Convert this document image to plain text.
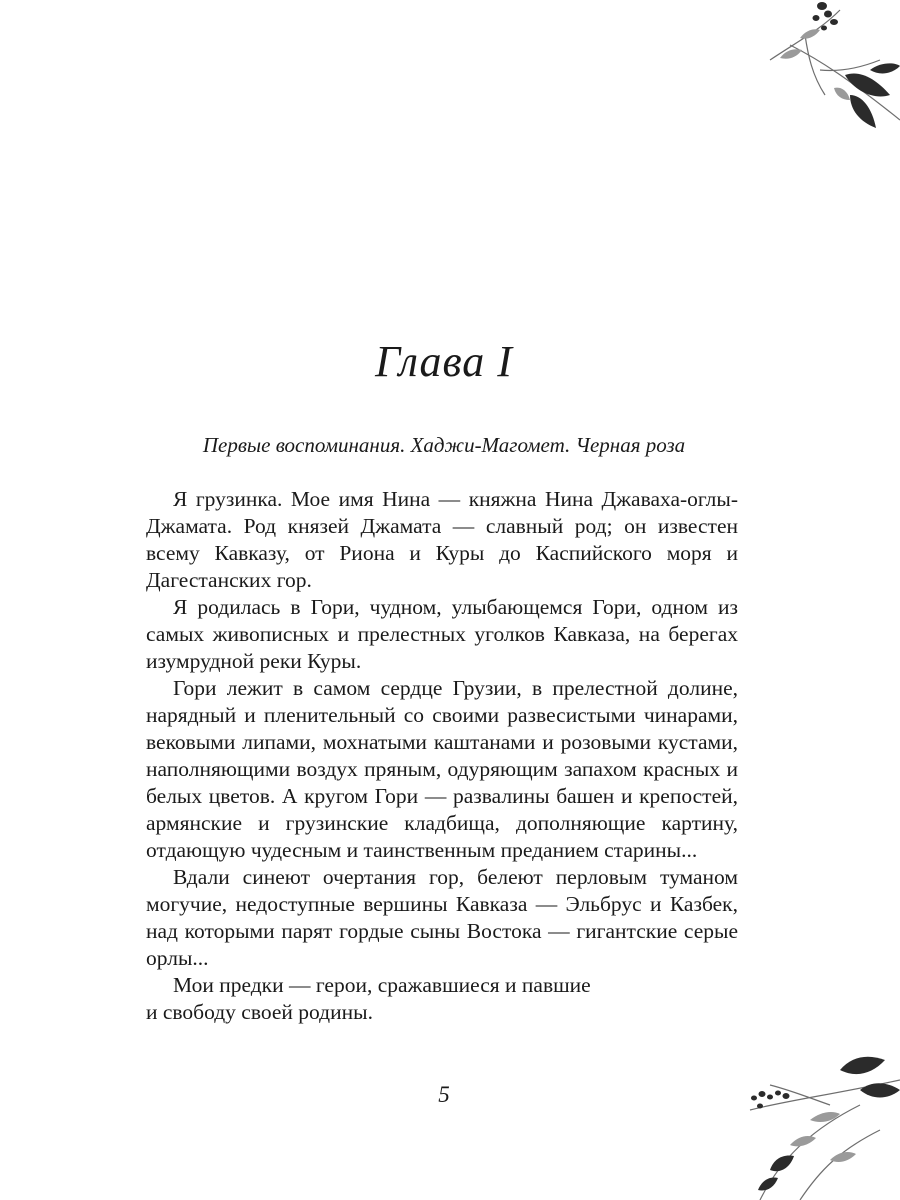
Глава I
Первые воспоминания. Хаджи-Магомет. Черная роза

Я грузинка. Мое имя Нина — княжна Нина Джаваха-оглы-Джамата. Род князей Джамата — славный род; он известен всему Кавказу, от Риона и Куры до Каспийского моря и Дагестанских гор.

Я родилась в Гори, чудном, улыбающемся Гори, одном из самых живописных и прелестных уголков Кавказа, на берегах изумрудной реки Куры.

Гори лежит в самом сердце Грузии, в прелестной долине, нарядный и пленительный со своими развесистыми чинарами, вековыми липами, мохнатыми каштанами и розовыми кустами, наполняющими воздух пряным, одуряющим запахом красных и белых цветов. А кругом Гори — развалины башен и крепостей, армянские и грузинские кладбища, дополняющие картину, отдающую чудесным и таинственным преданием старины...

Вдали синеют очертания гор, белеют перловым туманом могучие, недоступные вершины Кавказа — Эльбрус и Казбек, над которыми парят гордые сыны Востока — гигантские серые орлы...

Мои предки — герои, сражавшиеся и павшие

и свободу своей родины.

5
